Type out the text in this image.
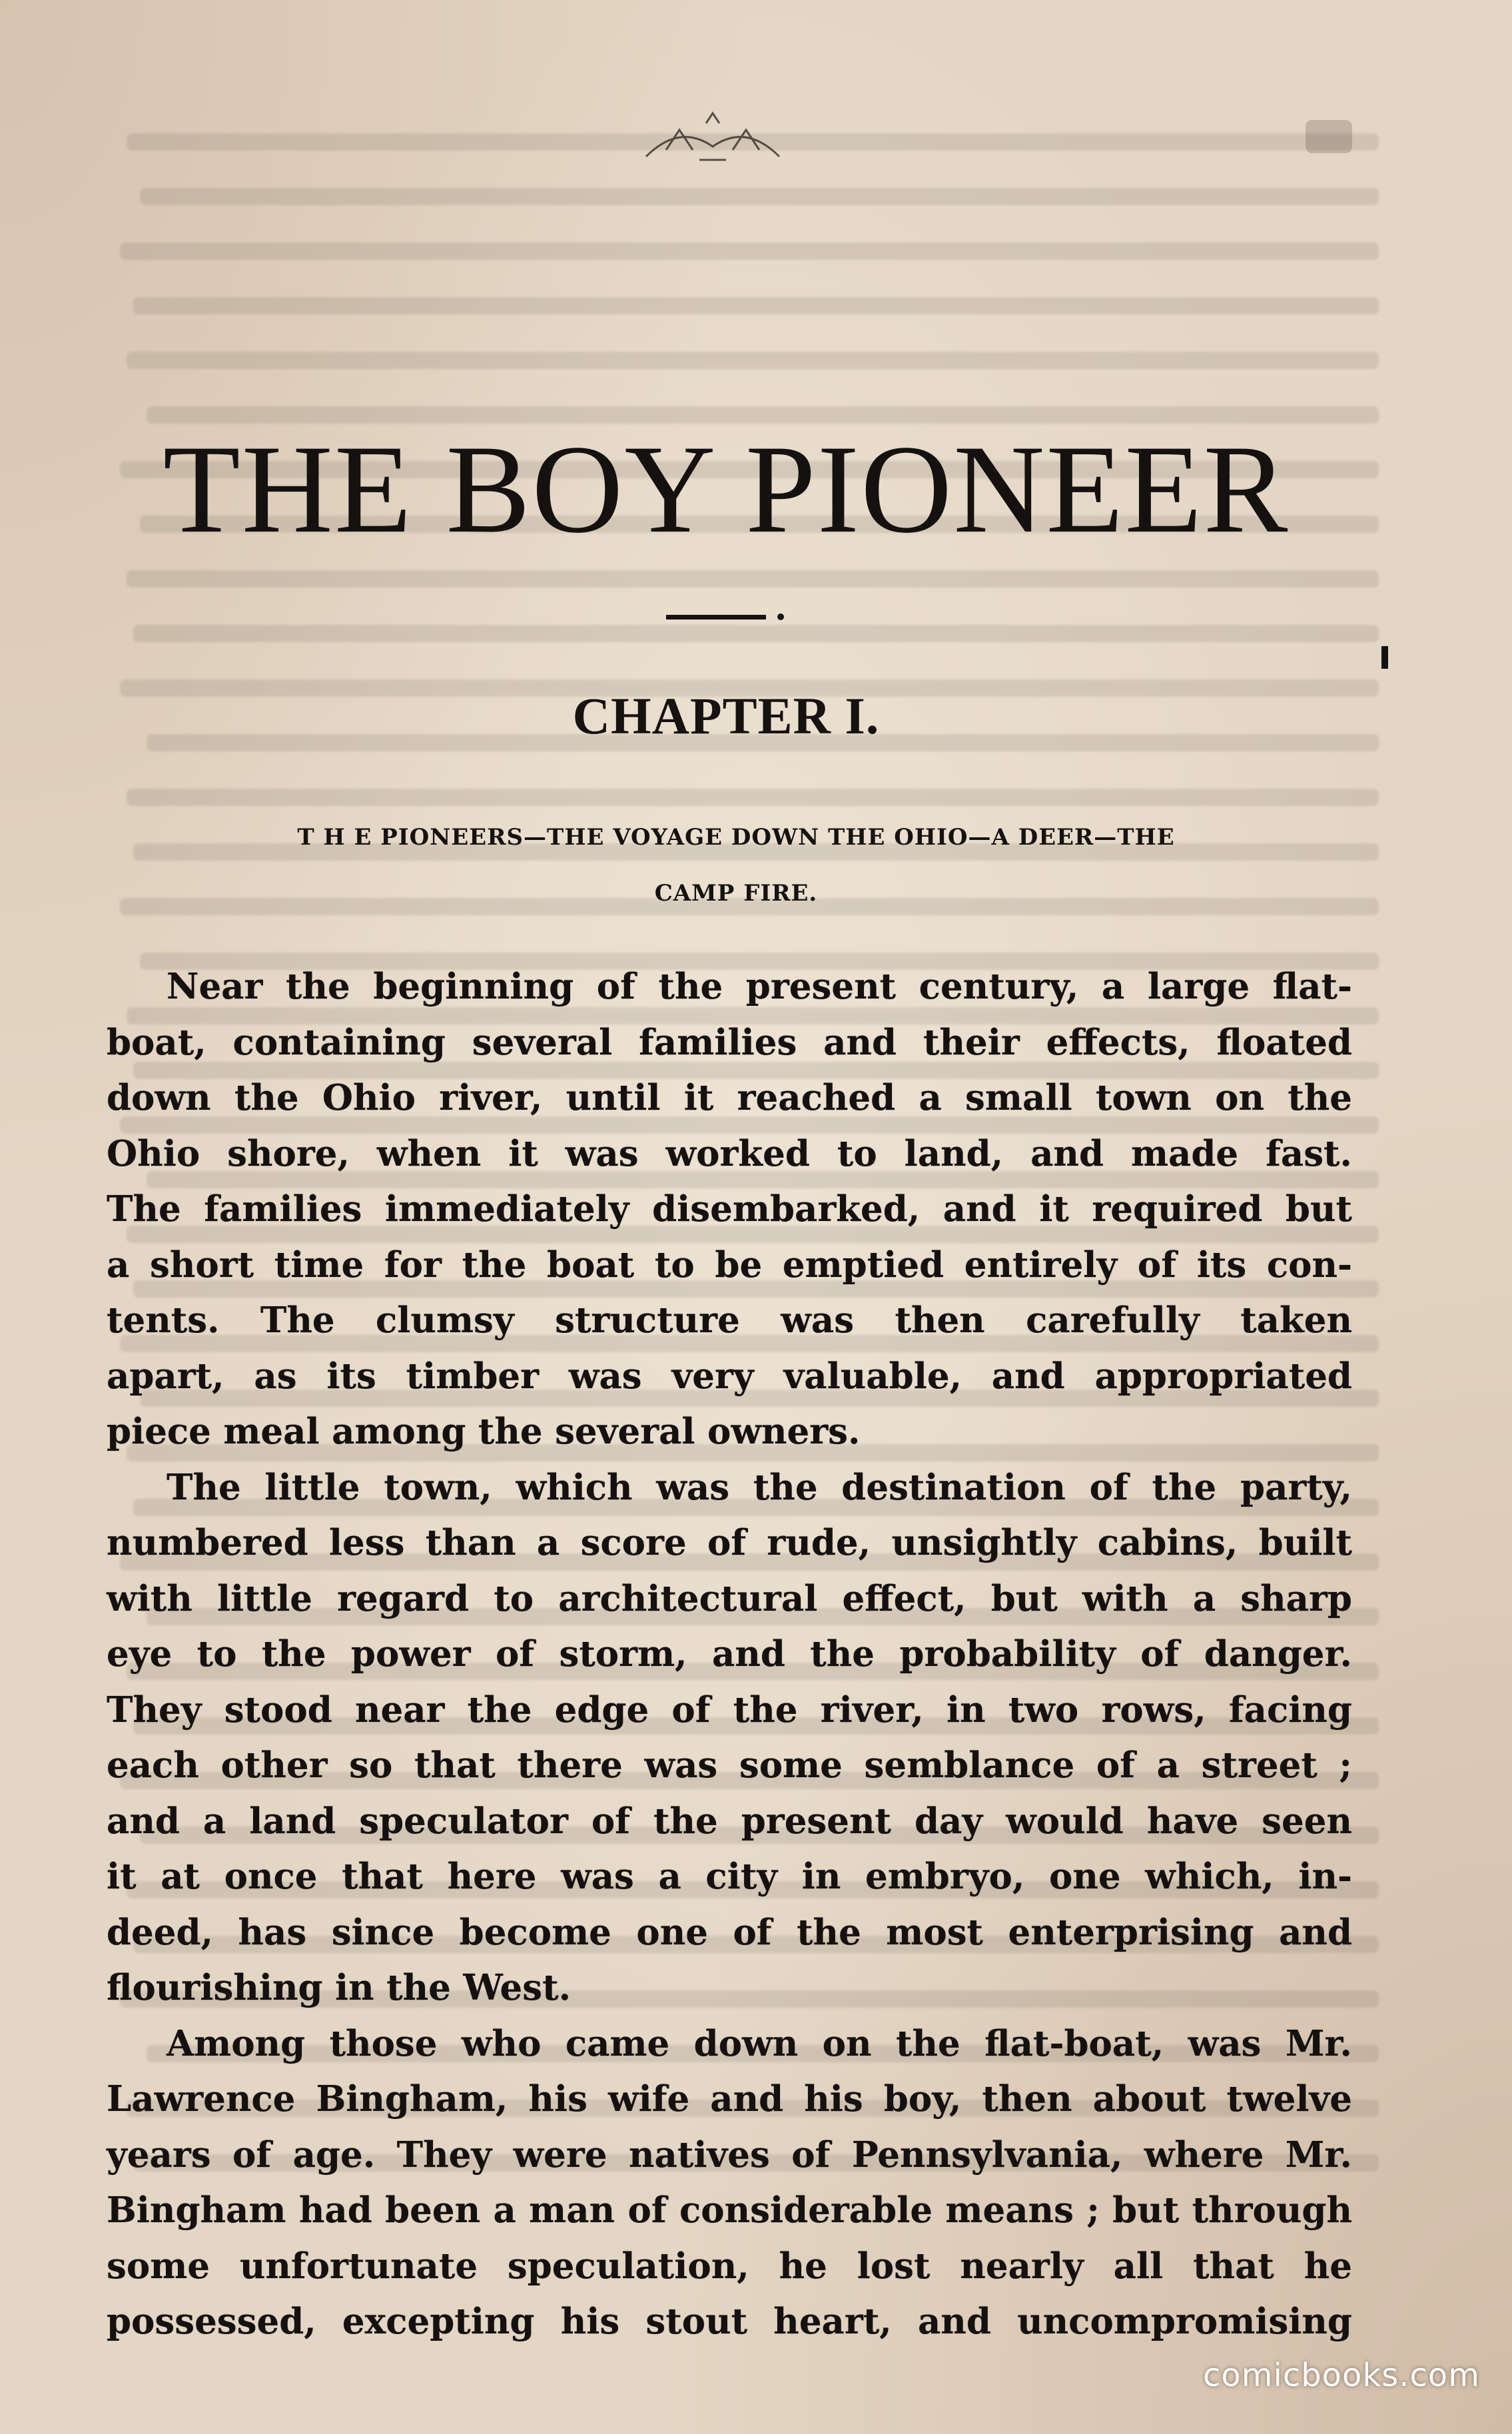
THE BOY PIONEER
CHAPTER I.
T H E PIONEERS—THE VOYAGE DOWN THE OHIO—A DEER—THE
CAMP FIRE.
Near the beginning of the present century, a large flat-
boat, containing several families and their effects, floated
down the Ohio river, until it reached a small town on the
Ohio shore, when it was worked to land, and made fast.
The families immediately disembarked, and it required but
a short time for the boat to be emptied entirely of its con-
tents. The clumsy structure was then carefully taken
apart, as its timber was very valuable, and appropriated
piece meal among the several owners.
The little town, which was the destination of the party,
numbered less than a score of rude, unsightly cabins, built
with little regard to architectural effect, but with a sharp
eye to the power of storm, and the probability of danger.
They stood near the edge of the river, in two rows, facing
each other so that there was some semblance of a street ;
and a land speculator of the present day would have seen
it at once that here was a city in embryo, one which, in-
deed, has since become one of the most enterprising and
flourishing in the West.
Among those who came down on the flat-boat, was Mr.
Lawrence Bingham, his wife and his boy, then about twelve
years of age. They were natives of Pennsylvania, where Mr.
Bingham had been a man of considerable means ; but through
some unfortunate speculation, he lost nearly all that he
possessed, excepting his stout heart, and uncompromising
comicbooks.com
